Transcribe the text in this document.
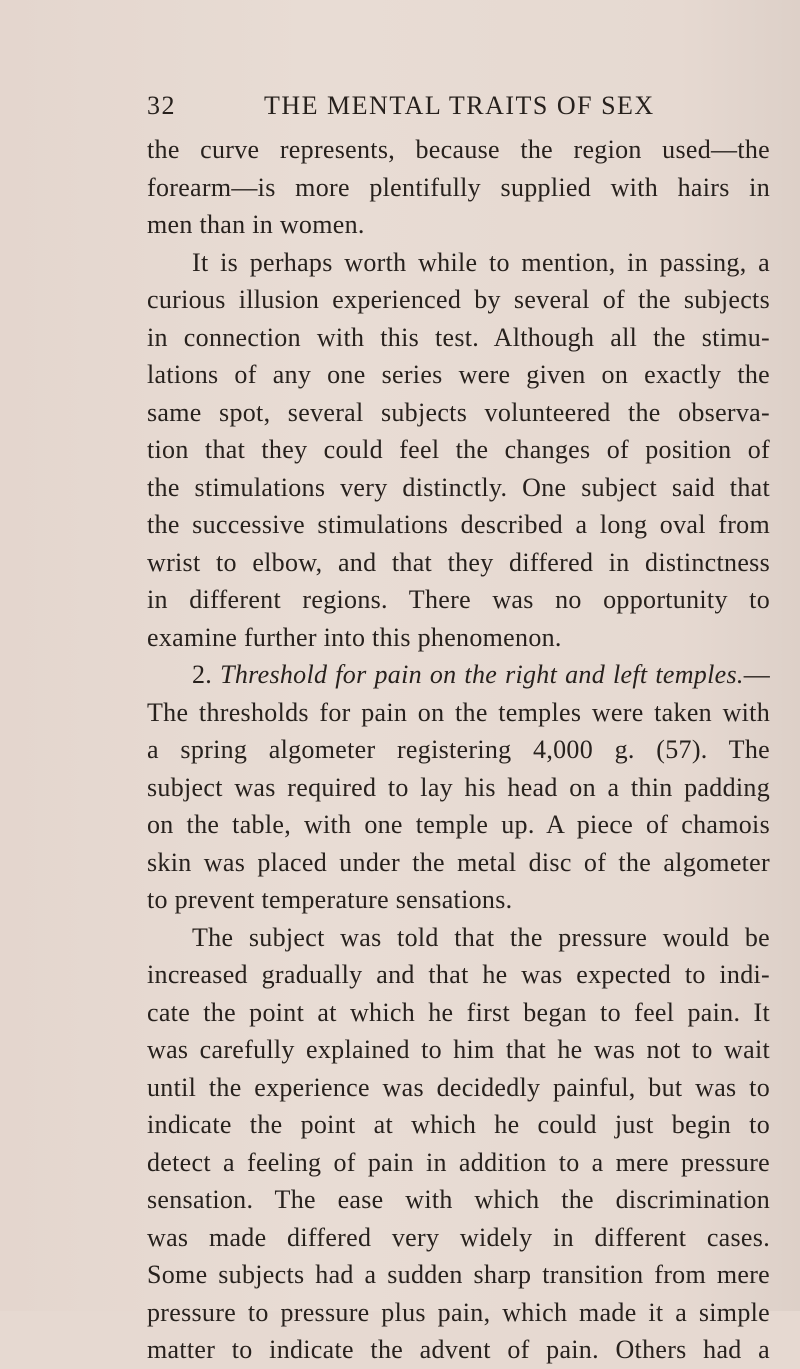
32	THE MENTAL TRAITS OF SEX
the curve represents, because the region used—the
forearm—is more plentifully supplied with hairs in
men than in women.
It is perhaps worth while to mention, in passing, a
curious illusion experienced by several of the subjects
in connection with this test. Although all the stimu-
lations of any one series were given on exactly the
same spot, several subjects volunteered the observa-
tion that they could feel the changes of position of
the stimulations very distinctly. One subject said that
the successive stimulations described a long oval from
wrist to elbow, and that they differed in distinctness
in different regions. There was no opportunity to
examine further into this phenomenon.
2. Threshold for pain on the right and left temples.—
The thresholds for pain on the temples were taken with
a spring algometer registering 4,000 g. (57). The
subject was required to lay his head on a thin padding
on the table, with one temple up. A piece of chamois
skin was placed under the metal disc of the algometer
to prevent temperature sensations.
The subject was told that the pressure would be
increased gradually and that he was expected to indi-
cate the point at which he first began to feel pain. It
was carefully explained to him that he was not to wait
until the experience was decidedly painful, but was to
indicate the point at which he could just begin to
detect a feeling of pain in addition to a mere pressure
sensation. The ease with which the discrimination
was made differed very widely in different cases.
Some subjects had a sudden sharp transition from mere
pressure to pressure plus pain, which made it a simple
matter to indicate the advent of pain. Others had a
